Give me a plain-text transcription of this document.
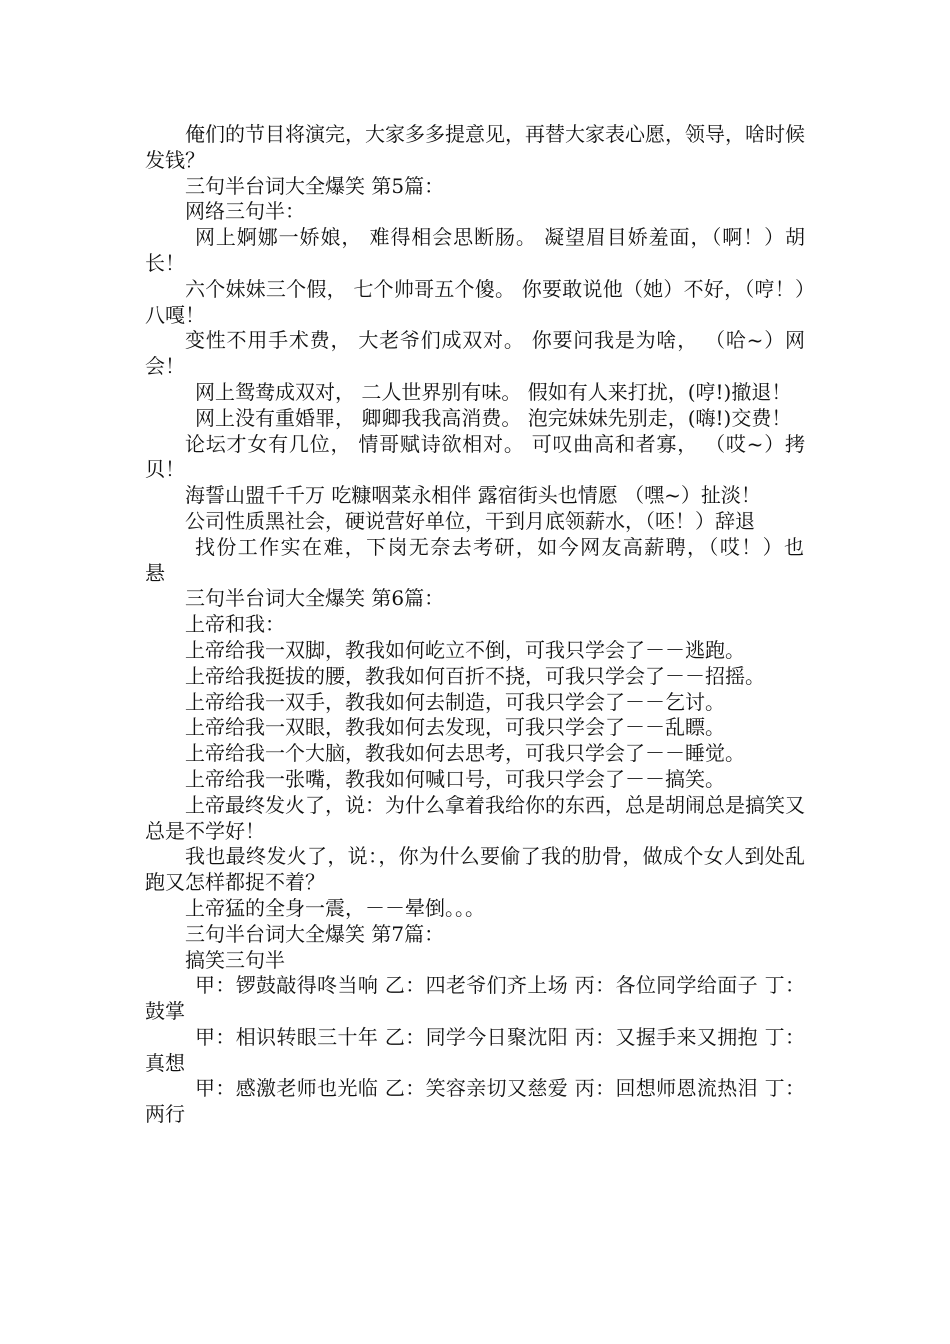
俺们的节目将演完，大家多多提意见，再替大家表心愿，领导，啥时候发钱？

三句半台词大全爆笑 第5篇：

网络三句半：

网上婀娜一娇娘， 难得相会思断肠。 凝望眉目娇羞面，（啊！）胡长！

六个妹妹三个假， 七个帅哥五个傻。 你要敢说他（她）不好，（哼！）八嘎！

变性不用手术费， 大老爷们成双对。 你要问我是为啥， （哈~）网会！

网上鸳鸯成双对， 二人世界别有味。 假如有人来打扰，(哼!)撤退！

网上没有重婚罪， 卿卿我我高消费。 泡完妹妹先别走，(嗨!)交费！

论坛才女有几位， 情哥赋诗欲相对。 可叹曲高和者寡， （哎~）拷贝！

海誓山盟千千万 吃糠咽菜永相伴 露宿街头也情愿 （嘿~）扯淡！

公司性质黑社会，硬说营好单位，干到月底领薪水，（呸！）辞退

找份工作实在难，下岗无奈去考研，如今网友高薪聘，（哎！）也悬

三句半台词大全爆笑 第6篇：

上帝和我：

上帝给我一双脚，教我如何屹立不倒，可我只学会了－－逃跑。

上帝给我挺拔的腰，教我如何百折不挠，可我只学会了－－招摇。

上帝给我一双手，教我如何去制造，可我只学会了－－乞讨。

上帝给我一双眼，教我如何去发现，可我只学会了－－乱瞟。

上帝给我一个大脑，教我如何去思考，可我只学会了－－睡觉。

上帝给我一张嘴，教我如何喊口号，可我只学会了－－搞笑。

上帝最终发火了，说：为什么拿着我给你的东西，总是胡闹总是搞笑又总是不学好！

我也最终发火了，说：，你为什么要偷了我的肋骨，做成个女人到处乱跑又怎样都捉不着？

上帝猛的全身一震，－－晕倒。。。

三句半台词大全爆笑 第7篇：

搞笑三句半

甲：锣鼓敲得咚当响 乙：四老爷们齐上场 丙：各位同学给面子 丁：鼓掌

甲：相识转眼三十年 乙：同学今日聚沈阳 丙：又握手来又拥抱 丁：真想

甲：感激老师也光临 乙：笑容亲切又慈爱 丙：回想师恩流热泪 丁：两行
